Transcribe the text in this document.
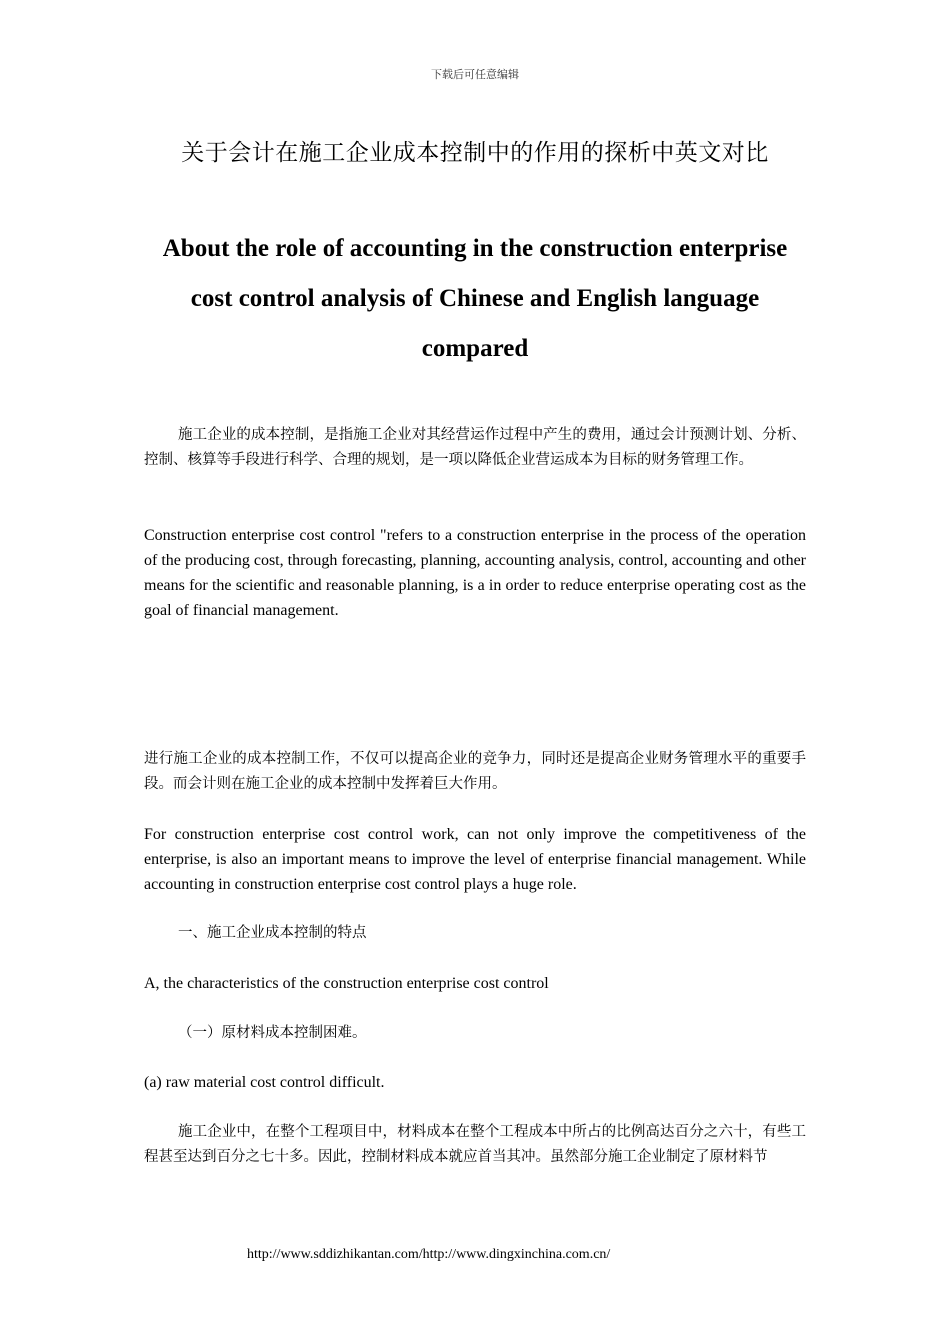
下载后可任意编辑
关于会计在施工企业成本控制中的作用的探析中英文对比
About the role of accounting in the construction enterprise
cost control analysis of Chinese and English language
compared

施工企业的成本控制，是指施工企业对其经营运作过程中产生的费用，通过会计预测计划、分析、控制、核算等手段进行科学、合理的规划，是一项以降低企业营运成本为目标的财务管理工作。

Construction enterprise cost control "refers to a construction enterprise in the process of the operation of the producing cost, through forecasting, planning, accounting analysis, control, accounting and other means for the scientific and reasonable planning, is a in order to reduce enterprise operating cost as the goal of financial management.

进行施工企业的成本控制工作，不仅可以提高企业的竞争力，同时还是提高企业财务管理水平的重要手段。而会计则在施工企业的成本控制中发挥着巨大作用。

For construction enterprise cost control work, can not only improve the competitiveness of the enterprise, is also an important means to improve the level of enterprise financial management. While accounting in construction enterprise cost control plays a huge role.

一、施工企业成本控制的特点

A, the characteristics of the construction enterprise cost control

（一）原材料成本控制困难。

(a) raw material cost control difficult.

施工企业中，在整个工程项目中，材料成本在整个工程成本中所占的比例高达百分之六十，有些工程甚至达到百分之七十多。因此，控制材料成本就应首当其冲。虽然部分施工企业制定了原材料节

http://www.sddizhikantan.com/http://www.dingxinchina.com.cn/
